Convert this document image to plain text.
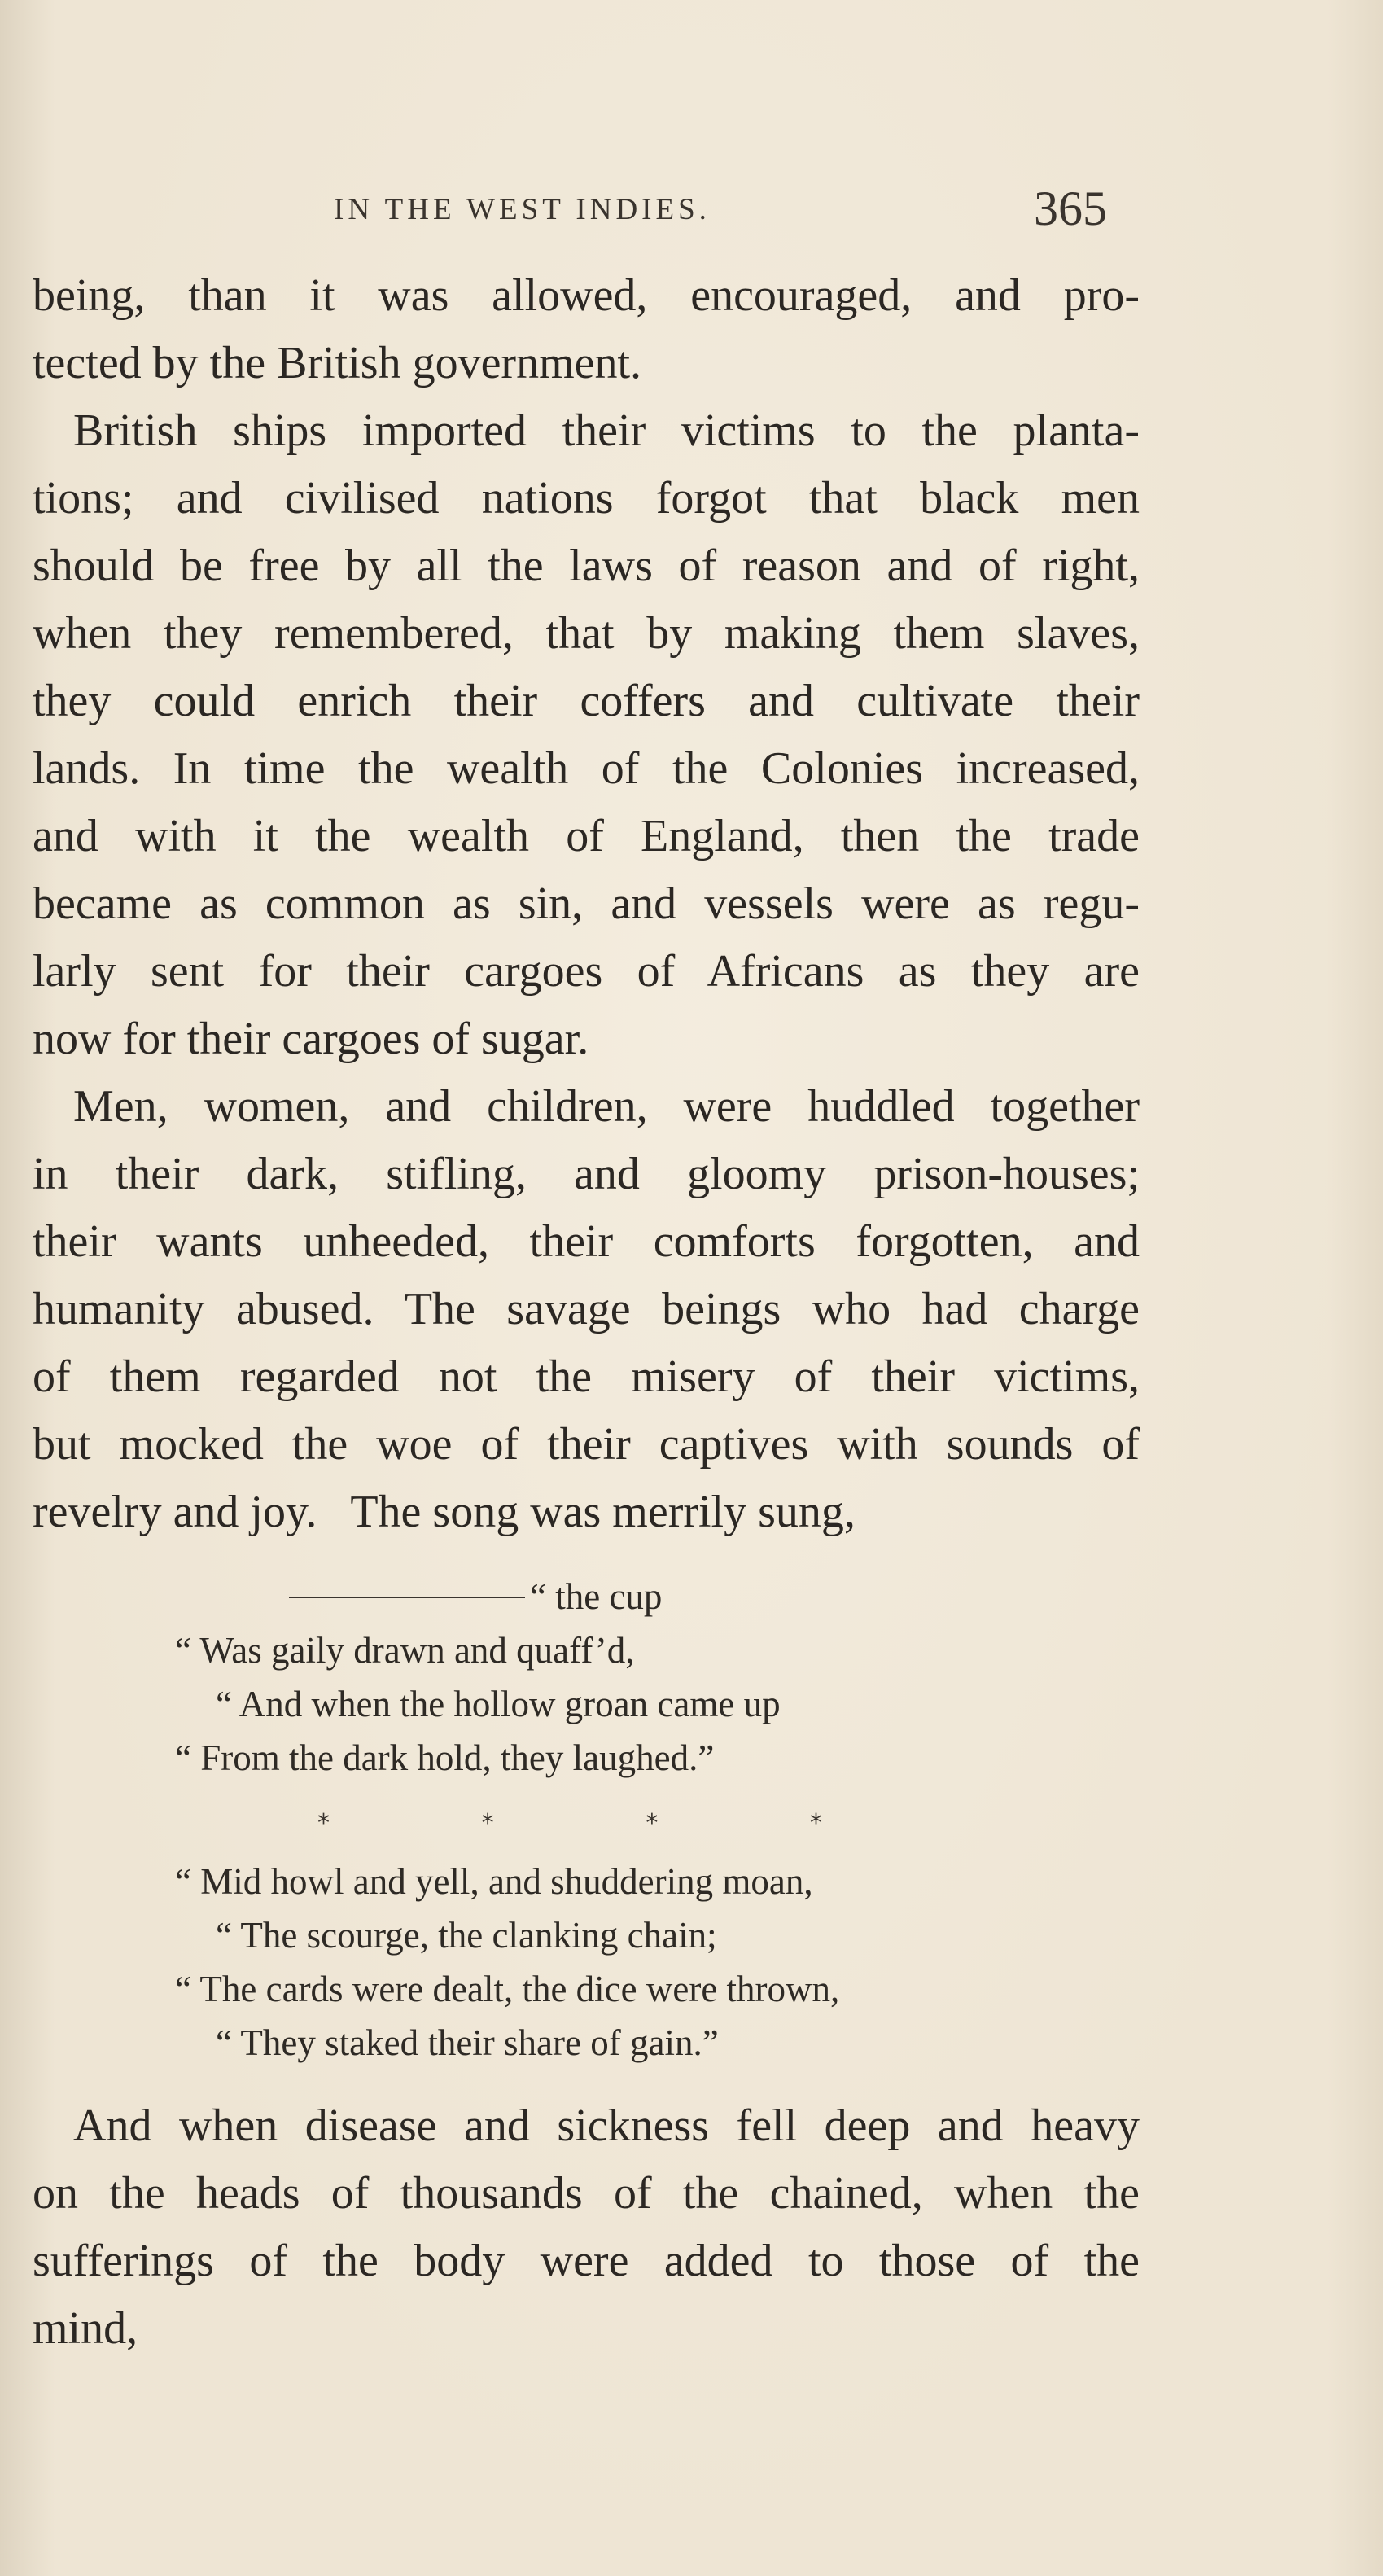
IN THE WEST INDIES.	365
being, than it was allowed, encouraged, and pro-
tected by the British government.
British ships imported their victims to the planta-
tions; and civilised nations forgot that black men
should be free by all the laws of reason and of right,
when they remembered, that by making them slaves,
they could enrich their coffers and cultivate their
lands. In time the wealth of the Colonies increased,
and with it the wealth of England, then the trade
became as common as sin, and vessels were as regu-
larly sent for their cargoes of Africans as they are
now for their cargoes of sugar.
Men, women, and children, were huddled together
in their dark, stifling, and gloomy prison-houses;
their wants unheeded, their comforts forgotten, and
humanity abused. The savage beings who had charge
of them regarded not the misery of their victims,
but mocked the woe of their captives with sounds of
revelry and joy.   The song was merrily sung,
“ the cup
“ Was gaily drawn and quaff’d,
“ And when the hollow groan came up
“ From the dark hold, they laughed.”
*	*	*	*
“ Mid howl and yell, and shuddering moan,
“ The scourge, the clanking chain;
“ The cards were dealt, the dice were thrown,
“ They staked their share of gain.”
And when disease and sickness fell deep and heavy
on the heads of thousands of the chained, when the
sufferings of the body were added to those of the
mind,
